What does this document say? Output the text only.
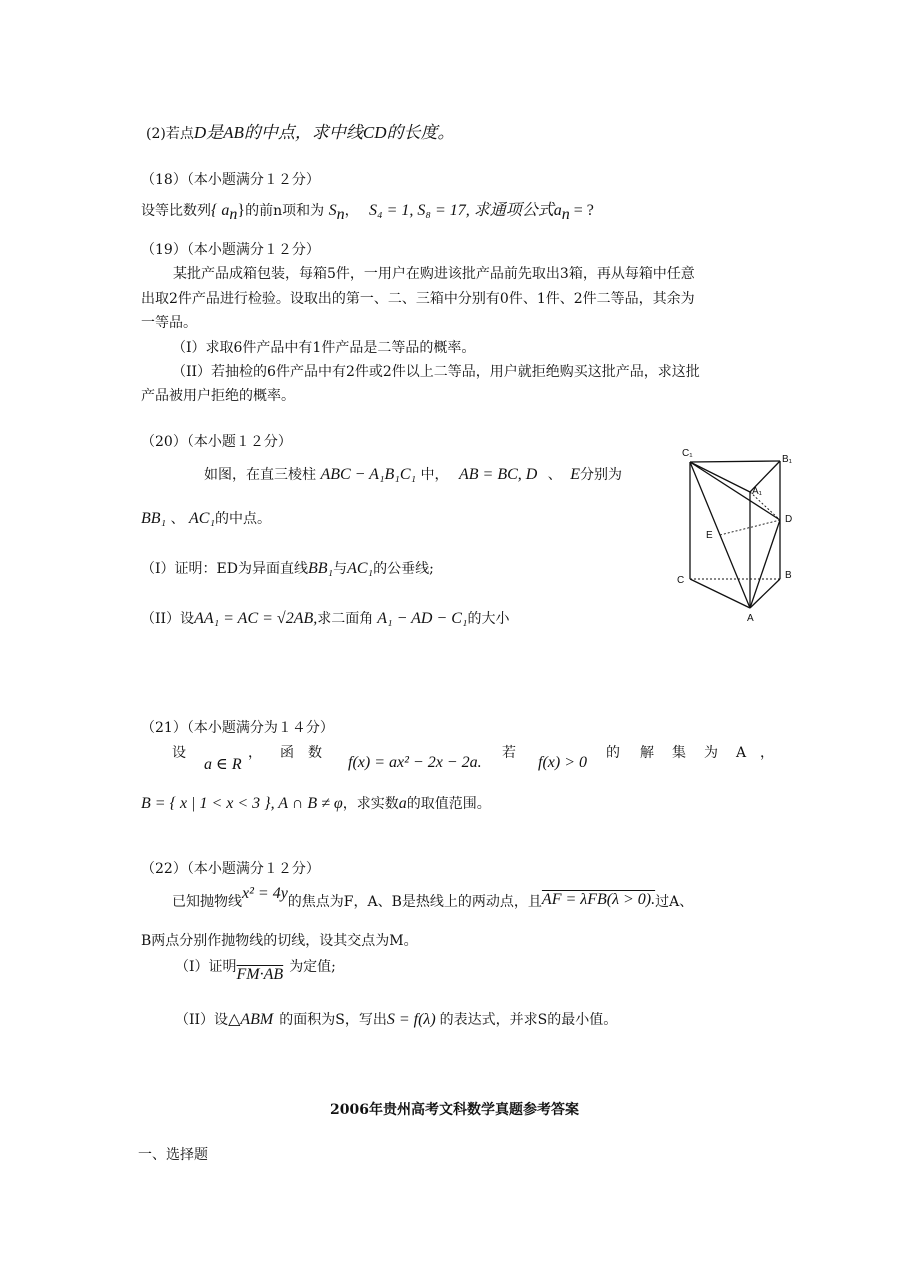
(2)若点D是AB的中点，求中线CD的长度。
（18）（本小题满分１２分）
设等比数列{ $a_n$}的前n项和为 $S_n$， S₄ = 1, S₈ = 17, 求通项公式$a_n$ = ?
（19）（本小题满分１２分）
某批产品成箱包装，每箱5件，一用户在购进该批产品前先取出3箱，再从每箱中任意
出取2件产品进行检验。设取出的第一、二、三箱中分别有0件、1件、2件二等品，其余为
一等品。
（I）求取6件产品中有1件产品是二等品的概率。
（II）若抽检的6件产品中有2件或2件以上二等品，用户就拒绝购买这批产品，求这批
产品被用户拒绝的概率。
（20）（本小题１２分）
如图，在直三棱柱 ABC − A₁B₁C₁ 中， AB = BC, D 、 E分别为
BB₁ 、 AC₁的中点。
（I）证明：ED为异面直线BB₁与AC₁的公垂线;
（II）设AA₁ = AC = √2AB,求二面角 A₁ − AD − C₁的大小
C₁
B₁
A₁
D
E
C	B
A
（21）（本小题满分为１４分）
设
a ∈ R
， 函 数
f(x) = ax² − 2x − 2a.
若
f(x) > 0
的 解 集 为 A ，
B = { x | 1 < x < 3 }, A ∩ B ≠ φ，求实数a的取值范围。
（22）（本小题满分１２分）
已知抛物线x² = 4y的焦点为F，A、B是热线上的两动点，且AF = λFB(λ > 0).过A、
B两点分别作抛物线的切线，设其交点为M。
（I）证明FM·AB 为定值;
（II）设△ABM 的面积为S，写出S = f(λ) 的表达式，并求S的最小值。
2006年贵州高考文科数学真题参考答案
一、选择题
